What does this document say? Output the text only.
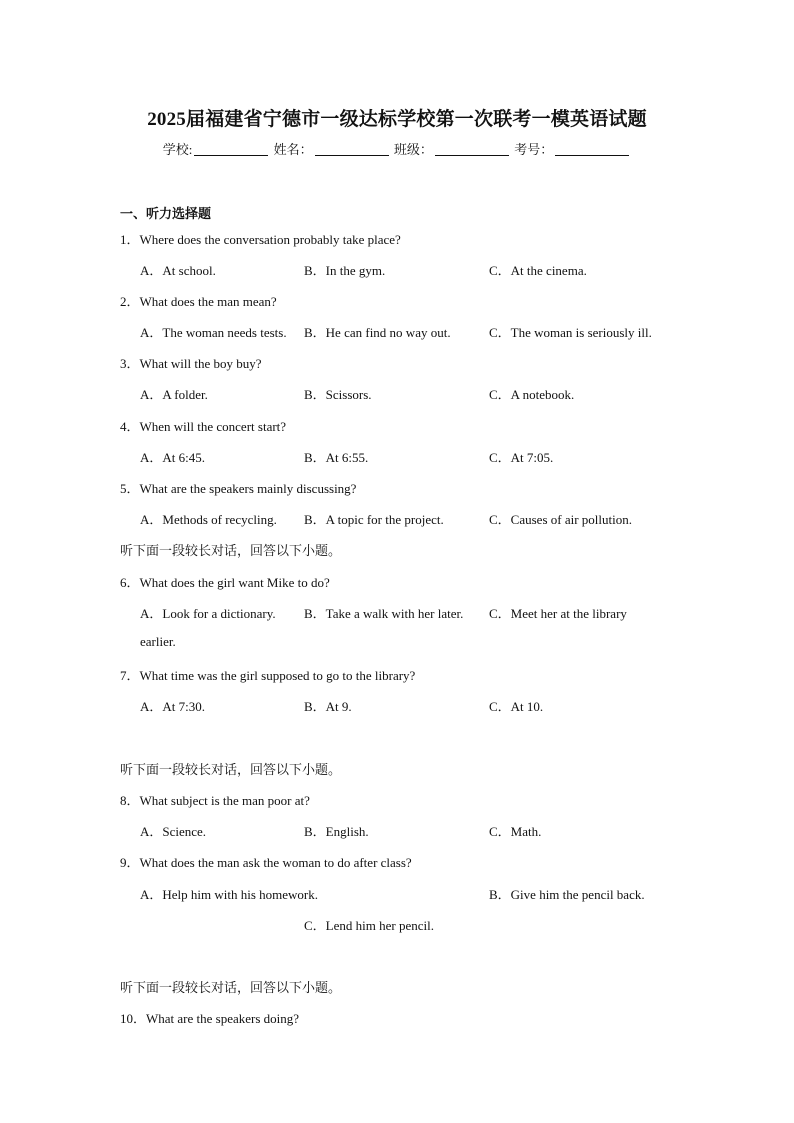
2025届福建省宁德市一级达标学校第一次联考一模英语试题
学校:	姓名：	班级：	考号：
一、听力选择题
1．Where does the conversation probably take place?
A．At school.	B．In the gym.	C．At the cinema.
2．What does the man mean?
A．The woman needs tests. B．He can find no way out.	C．The woman is seriously ill.
3．What will the boy buy?
A．A folder.	B．Scissors.	C．A notebook.
4．When will the concert start?
A．At 6:45.	B．At 6:55.	C．At 7:05.
5．What are the speakers mainly discussing?
A．Methods of recycling. B．A topic for the project.	C．Causes of air pollution.
听下面一段较长对话，回答以下小题。
6．What does the girl want Mike to do?
A．Look for a dictionary. B．Take a walk with her later. C．Meet her at the library
earlier.
7．What time was the girl supposed to go to the library?
A．At 7:30.	B．At 9.	C．At 10.
听下面一段较长对话，回答以下小题。
8．What subject is the man poor at?
A．Science.	B．English.	C．Math.
9．What does the man ask the woman to do after class?
A．Help him with his homework.	B．Give him the pencil back.
C．Lend him her pencil.
听下面一段较长对话，回答以下小题。
10．What are the speakers doing?
